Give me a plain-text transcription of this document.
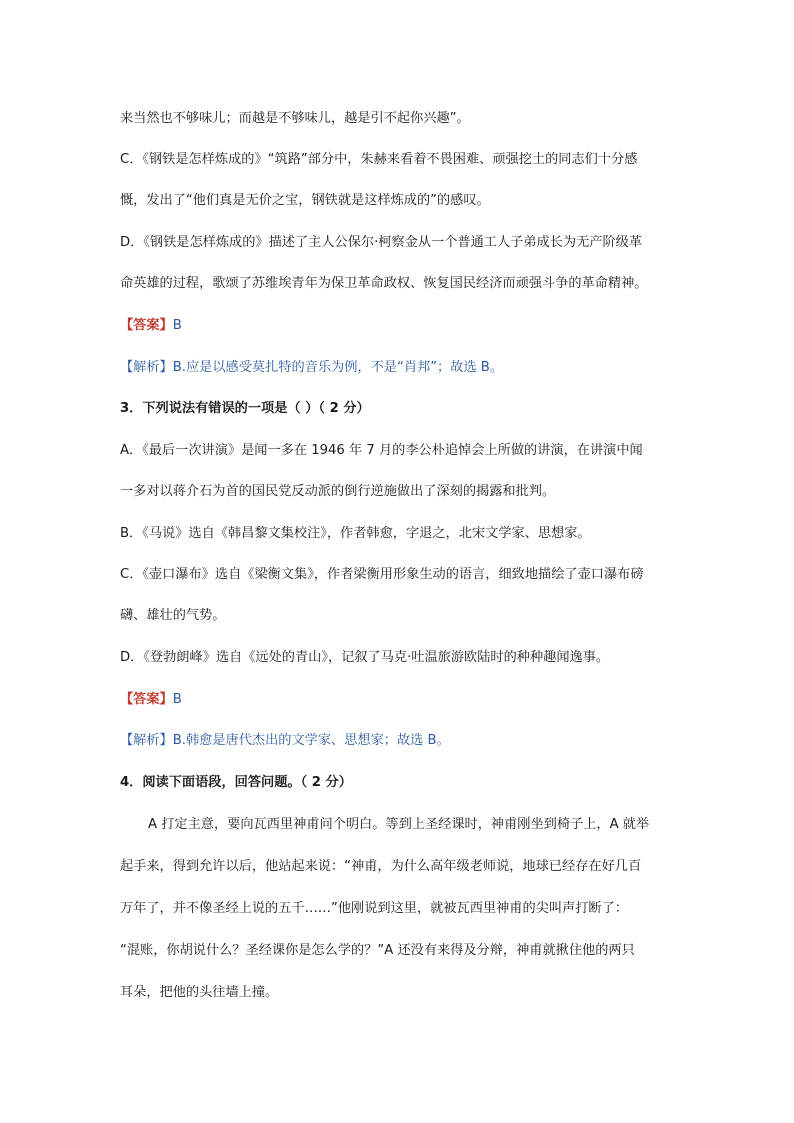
来当然也不够味儿；而越是不够味儿，越是引不起你兴趣”。
C．《钢铁是怎样炼成的》“筑路”部分中，朱赫来看着不畏困难、顽强挖土的同志们十分感
慨，发出了“他们真是无价之宝，钢铁就是这样炼成的”的感叹。
D．《钢铁是怎样炼成的》描述了主人公保尔·柯察金从一个普通工人子弟成长为无产阶级革
命英雄的过程，歌颂了苏维埃青年为保卫革命政权、恢复国民经济而顽强斗争的革命精神。
【答案】B
【解析】B.应是以感受莫扎特的音乐为例，不是“肖邦”；故选 B。
3．下列说法有错误的一项是（ ）（ 2 分）
A．《最后一次讲演》是闻一多在 1946 年 7 月的李公朴追悼会上所做的讲演，在讲演中闻
一多对以蒋介石为首的国民党反动派的倒行逆施做出了深刻的揭露和批判。
B．《马说》选自《韩昌黎文集校注》，作者韩愈，字退之，北宋文学家、思想家。
C．《壶口瀑布》选自《梁衡文集》，作者梁衡用形象生动的语言，细致地描绘了壶口瀑布磅
礴、雄壮的气势。
D．《登勃朗峰》选自《远处的青山》，记叙了马克·吐温旅游欧陆时的种种趣闻逸事。
【答案】B
【解析】B.韩愈是唐代杰出的文学家、思想家；故选 B。
4．阅读下面语段，回答问题。（ 2 分）
A 打定主意，要向瓦西里神甫问个明白。等到上圣经课时，神甫刚坐到椅子上，A 就举
起手来，得到允许以后，他站起来说：“神甫，为什么高年级老师说，地球已经存在好几百
万年了，并不像圣经上说的五千……”他刚说到这里，就被瓦西里神甫的尖叫声打断了：
“混账，你胡说什么？圣经课你是怎么学的？”A 还没有来得及分辩，神甫就揪住他的两只
耳朵，把他的头往墙上撞。
